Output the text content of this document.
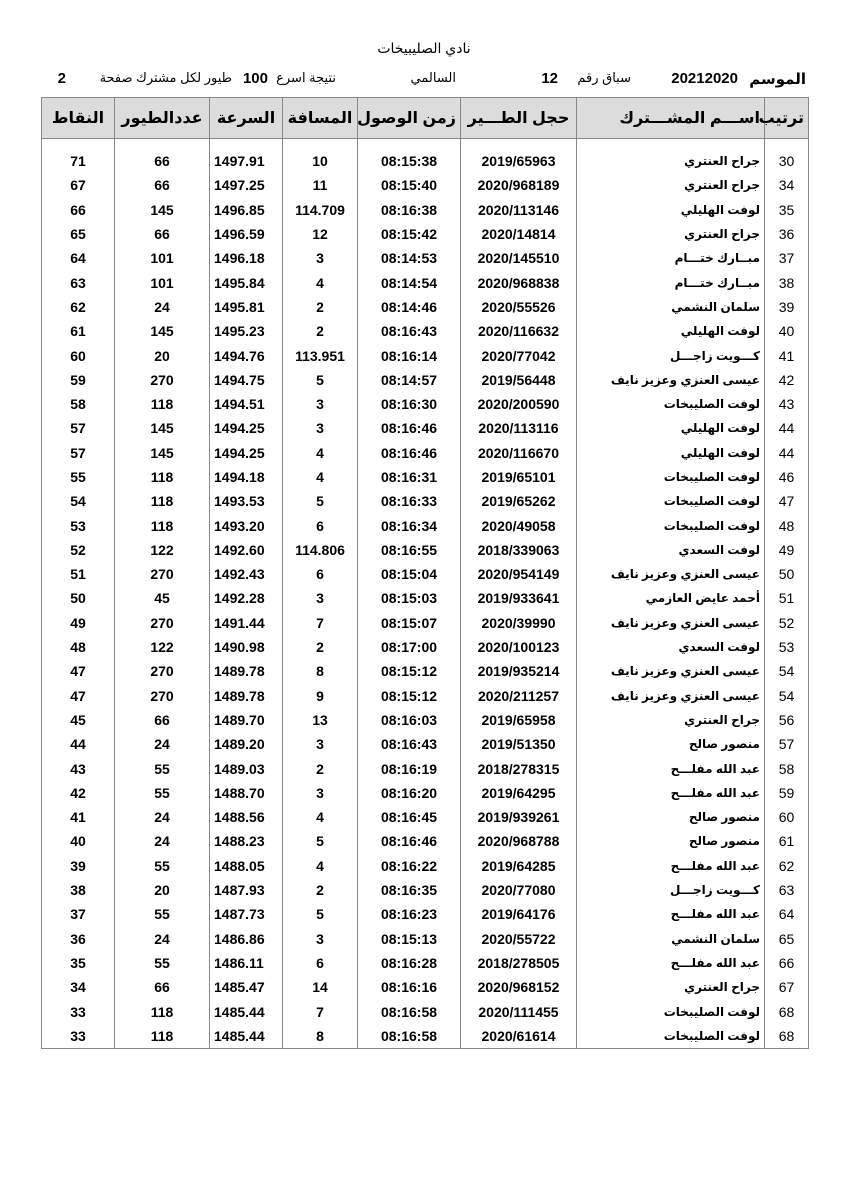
نادي الصليبيخات
الموسم
20212020
سباق رقم
12
السالمي
نتيجة اسرع
100
طيور لكل مشترك صفحة
2
ترتيب	اســـم المشـــترك	حجل الطـــير	زمن الوصول	المسافة	السرعة	عددالطيور	النقاط

30	جراح العنتري	2019/65963	08:15:38	10	1497.91	66	71
34	جراح العنتري	2020/968189	08:15:40	11	1497.25	66	67
35	لوفت الهليلي	2020/113146	08:16:38	114.709	1496.85	145	66
36	جراح العنتري	2020/14814	08:15:42	12	1496.59	66	65
37	مبــارك ختـــام	2020/145510	08:14:53	3	1496.18	101	64
38	مبــارك ختـــام	2020/968838	08:14:54	4	1495.84	101	63
39	سلمان النشمي	2020/55526	08:14:46	2	1495.81	24	62
40	لوفت الهليلي	2020/116632	08:16:43	2	1495.23	145	61
41	كـــويت زاجـــل	2020/77042	08:16:14	113.951	1494.76	20	60
42	عيسى العنزي وعزيز نايف	2019/56448	08:14:57	5	1494.75	270	59
43	لوفت الصليبخات	2020/200590	08:16:30	3	1494.51	118	58
44	لوفت الهليلي	2020/113116	08:16:46	3	1494.25	145	57
44	لوفت الهليلي	2020/116670	08:16:46	4	1494.25	145	57
46	لوفت الصليبخات	2019/65101	08:16:31	4	1494.18	118	55
47	لوفت الصليبخات	2019/65262	08:16:33	5	1493.53	118	54
48	لوفت الصليبخات	2020/49058	08:16:34	6	1493.20	118	53
49	لوفت السعدي	2018/339063	08:16:55	114.806	1492.60	122	52
50	عيسى العنزي وعزيز نايف	2020/954149	08:15:04	6	1492.43	270	51
51	أحمد عايض العازمي	2019/933641	08:15:03	3	1492.28	45	50
52	عيسى العنزي وعزيز نايف	2020/39990	08:15:07	7	1491.44	270	49
53	لوفت السعدي	2020/100123	08:17:00	2	1490.98	122	48
54	عيسى العنزي وعزيز نايف	2019/935214	08:15:12	8	1489.78	270	47
54	عيسى العنزي وعزيز نايف	2020/211257	08:15:12	9	1489.78	270	47
56	جراح العنتري	2019/65958	08:16:03	13	1489.70	66	45
57	منصور صالح	2019/51350	08:16:43	3	1489.20	24	44
58	عبد الله مفلـــح	2018/278315	08:16:19	2	1489.03	55	43
59	عبد الله مفلـــح	2019/64295	08:16:20	3	1488.70	55	42
60	منصور صالح	2019/939261	08:16:45	4	1488.56	24	41
61	منصور صالح	2020/968788	08:16:46	5	1488.23	24	40
62	عبد الله مفلـــح	2019/64285	08:16:22	4	1488.05	55	39
63	كـــويت زاجـــل	2020/77080	08:16:35	2	1487.93	20	38
64	عبد الله مفلـــح	2019/64176	08:16:23	5	1487.73	55	37
65	سلمان النشمي	2020/55722	08:15:13	3	1486.86	24	36
66	عبد الله مفلـــح	2018/278505	08:16:28	6	1486.11	55	35
67	جراح العنتري	2020/968152	08:16:16	14	1485.47	66	34
68	لوفت الصليبخات	2020/111455	08:16:58	7	1485.44	118	33
68	لوفت الصليبخات	2020/61614	08:16:58	8	1485.44	118	33
